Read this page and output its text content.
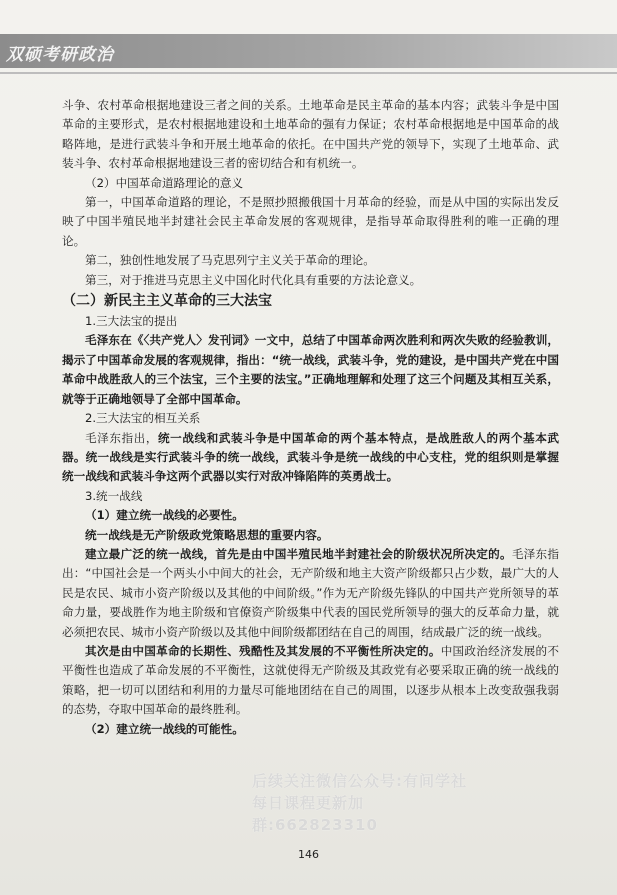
双硕考研政治

斗争、农村革命根据地建设三者之间的关系。土地革命是民主革命的基本内容；武装斗争是中国革命的主要形式，是农村根据地建设和土地革命的强有力保证；农村革命根据地是中国革命的战略阵地，是进行武装斗争和开展土地革命的依托。在中国共产党的领导下，实现了土地革命、武装斗争、农村革命根据地建设三者的密切结合和有机统一。

（2）中国革命道路理论的意义

第一，中国革命道路的理论，不是照抄照搬俄国十月革命的经验，而是从中国的实际出发反映了中国半殖民地半封建社会民主革命发展的客观规律，是指导革命取得胜利的唯一正确的理论。

第二，独创性地发展了马克思列宁主义关于革命的理论。

第三，对于推进马克思主义中国化时代化具有重要的方法论意义。

（二）新民主主义革命的三大法宝

1.三大法宝的提出

毛泽东在《〈共产党人〉发刊词》一文中，总结了中国革命两次胜利和两次失败的经验教训，揭示了中国革命发展的客观规律，指出：“统一战线，武装斗争，党的建设，是中国共产党在中国革命中战胜敌人的三个法宝，三个主要的法宝。”正确地理解和处理了这三个问题及其相互关系，就等于正确地领导了全部中国革命。

2.三大法宝的相互关系

毛泽东指出，统一战线和武装斗争是中国革命的两个基本特点，是战胜敌人的两个基本武器。统一战线是实行武装斗争的统一战线，武装斗争是统一战线的中心支柱，党的组织则是掌握统一战线和武装斗争这两个武器以实行对敌冲锋陷阵的英勇战士。

3.统一战线

（1）建立统一战线的必要性。

统一战线是无产阶级政党策略思想的重要内容。

建立最广泛的统一战线，首先是由中国半殖民地半封建社会的阶级状况所决定的。毛泽东指出：“中国社会是一个两头小中间大的社会，无产阶级和地主大资产阶级都只占少数，最广大的人民是农民、城市小资产阶级以及其他的中间阶级。”作为无产阶级先锋队的中国共产党所领导的革命力量，要战胜作为地主阶级和官僚资产阶级集中代表的国民党所领导的强大的反革命力量，就必须把农民、城市小资产阶级以及其他中间阶级都团结在自己的周围，结成最广泛的统一战线。

其次是由中国革命的长期性、残酷性及其发展的不平衡性所决定的。中国政治经济发展的不平衡性也造成了革命发展的不平衡性，这就使得无产阶级及其政党有必要采取正确的统一战线的策略，把一切可以团结和利用的力量尽可能地团结在自己的周围，以逐步从根本上改变敌强我弱的态势，夺取中国革命的最终胜利。

（2）建立统一战线的可能性。

后续关注微信公众号:有间学社
每日课程更新加群:662823310
146
